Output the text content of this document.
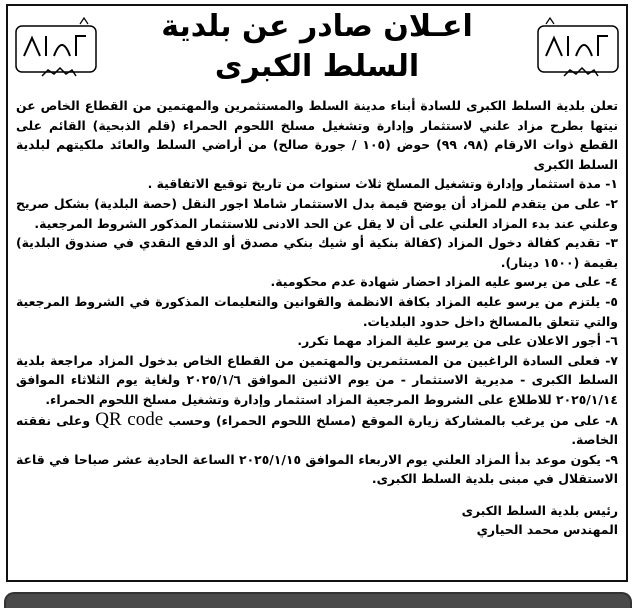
اعـلان صادر عن بلدية
السلط الكبرى

تعلن بلدية السلط الكبرى للسادة أبناء مدينة السلط والمستثمرين والمهتمين من القطاع الخاص عن نيتها بطرح مزاد علني لاستثمار وإدارة وتشغيل مسلخ اللحوم الحمراء (قلم الذبحية) القائم على القطع ذوات الارقام (٩٨، ٩٩) حوض (١٠٥ / جورة صالح) من أراضي السلط والعائد ملكيتهم لبلدية السلط الكبرى

١- مدة استثمار وإدارة وتشغيل المسلخ ثلاث سنوات من تاريخ توقيع الاتفاقية .

٢- على من يتقدم للمزاد أن يوضح قيمة بدل الاستثمار شاملا اجور النقل (حصة البلدية) بشكل صريح وعلني عند بدء المزاد العلني على أن لا يقل عن الحد الادنى للاستثمار المذكور الشروط المرجعية.

٣- تقديم كفالة دخول المزاد (كفالة بنكية أو شيك بنكي مصدق أو الدفع النقدي في صندوق البلدية) بقيمة (١٥٠٠ دينار).

٤- على من يرسو عليه المزاد احضار شهادة عدم محكومية.

٥- يلتزم من يرسو عليه المزاد بكافة الانظمة والقوانين والتعليمات المذكورة في الشروط المرجعية والتي تتعلق بالمسالخ داخل حدود البلديات.

٦- أجور الاعلان على من يرسو علية المزاد مهما تكرر.

٧- فعلى السادة الراغبين من المستثمرين والمهتمين من القطاع الخاص بدخول المزاد مراجعة بلدية السلط الكبرى - مديرية الاستثمار - من يوم الاثنين الموافق ٢٠٢٥/١/٦ ولغاية يوم الثلاثاء الموافق ٢٠٢٥/١/١٤ للاطلاع على الشروط المرجعية المزاد استثمار وإدارة وتشغيل مسلخ اللحوم الحمراء.

٨- على من يرغب بالمشاركة زيارة الموقع (مسلخ اللحوم الحمراء) وحسب QR code وعلى نفقته الخاصة.

٩- يكون موعد بدأ المزاد العلني يوم الاربعاء الموافق ٢٠٢٥/١/١٥ الساعة الحادية عشر صباحا في قاعة الاستقلال في مبنى بلدية السلط الكبرى.

رئيس بلدية السلط الكبرى

المهندس محمد الحياري
